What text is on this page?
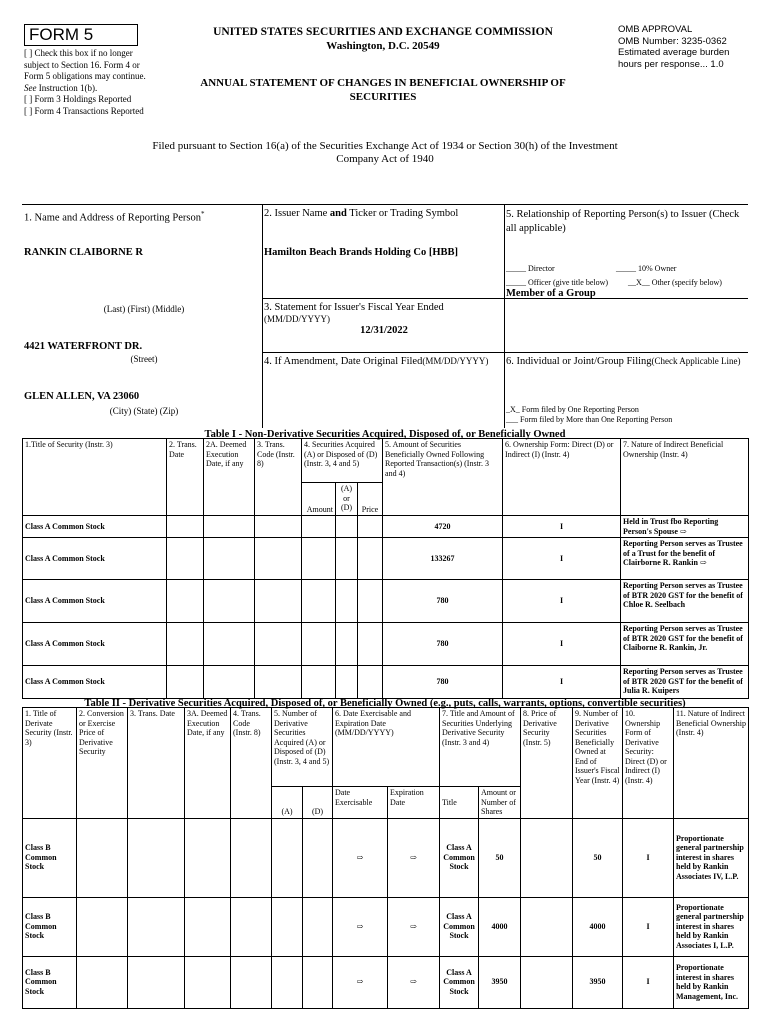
FORM 5
[ ] Check this box if no longer subject to Section 16. Form 4 or Form 5 obligations may continue. See Instruction 1(b).
[ ] Form 3 Holdings Reported
[ ] Form 4 Transactions Reported
UNITED STATES SECURITIES AND EXCHANGE COMMISSION
Washington, D.C. 20549
ANNUAL STATEMENT OF CHANGES IN BENEFICIAL OWNERSHIP OF SECURITIES
OMB APPROVAL
OMB Number: 3235-0362
Estimated average burden
hours per response... 1.0
Filed pursuant to Section 16(a) of the Securities Exchange Act of 1934 or Section 30(h) of the Investment Company Act of 1940
1. Name and Address of Reporting Person*
RANKIN CLAIBORNE R
(Last) (First) (Middle)
4421 WATERFRONT DR.
(Street)
GLEN ALLEN, VA 23060
(City) (State) (Zip)
2. Issuer Name and Ticker or Trading Symbol
Hamilton Beach Brands Holding Co [HBB]
3. Statement for Issuer's Fiscal Year Ended
(MM/DD/YYYY)
12/31/2022
4. If Amendment, Date Original Filed(MM/DD/YYYY)
5. Relationship of Reporting Person(s) to Issuer (Check all applicable)
_____ Director	_____ 10% Owner
_____ Officer (give title below) __X__ Other (specify below)
Member of a Group
6. Individual or Joint/Group Filing(Check Applicable Line)
_X_ Form filed by One Reporting Person
___ Form filed by More than One Reporting Person
Table I - Non-Derivative Securities Acquired, Disposed of, or Beneficially Owned
1.Title of Security (Instr. 3)	2. Trans. Date	2A. Deemed Execution Date, if any	3. Trans. Code (Instr. 8)	4. Securities Acquired (A) or Disposed of (D) (Instr. 3, 4 and 5)			5. Amount of Securities Beneficially Owned Following Reported Transaction(s) (Instr. 3 and 4)	6. Ownership Form: Direct (D) or Indirect (I) (Instr. 4)	7. Nature of Indirect Beneficial Ownership (Instr. 4)
				Amount	(A) or (D)	Price			
Class A Common Stock							4720	I	Held in Trust fbo Reporting Person's Spouse ⇨
Class A Common Stock							133267	I	Reporting Person serves as Trustee of a Trust for the benefit of Clairborne R. Rankin ⇨
Class A Common Stock							780	I	Reporting Person serves as Trustee of BTR 2020 GST for the benefit of Chloe R. Seelbach
Class A Common Stock							780	I	Reporting Person serves as Trustee of BTR 2020 GST for the benefit of Claiborne R. Rankin, Jr.
Class A Common Stock							780	I	Reporting Person serves as Trustee of BTR 2020 GST for the benefit of Julia R. Kuipers
Table II - Derivative Securities Acquired, Disposed of, or Beneficially Owned (e.g., puts, calls, warrants, options, convertible securities)
1. Title of Derivate Security (Instr. 3)	2. Conversion or Exercise Price of Derivative Security	3. Trans. Date	3A. Deemed Execution Date, if any	4. Trans. Code (Instr. 8)	5. Number of Derivative Securities Acquired (A) or Disposed of (D) (Instr. 3, 4 and 5)		6. Date Exercisable and Expiration Date (MM/DD/YYYY)		7. Title and Amount of Securities Underlying Derivative Security (Instr. 3 and 4)		8. Price of Derivative Security (Instr. 5)	9. Number of Derivative Securities Beneficially Owned at End of Issuer's Fiscal Year (Instr. 4)	10. Ownership Form of Derivative Security: Direct (D) or Indirect (I) (Instr. 4)	11. Nature of Indirect Beneficial Ownership (Instr. 4)
					(A)	(D)	Date Exercisable	Expiration Date	Title	Amount or Number of Shares				
Class B Common Stock							⇨	⇨	Class A Common Stock	50		50	I	Proportionate general partnership interest in shares held by Rankin Associates IV, L.P.
Class B Common Stock							⇨	⇨	Class A Common Stock	4000		4000	I	Proportionate general partnership interest in shares held by Rankin Associates I, L.P.
Class B Common Stock							⇨	⇨	Class A Common Stock	3950		3950	I	Proportionate interest in shares held by Rankin Management, Inc.
